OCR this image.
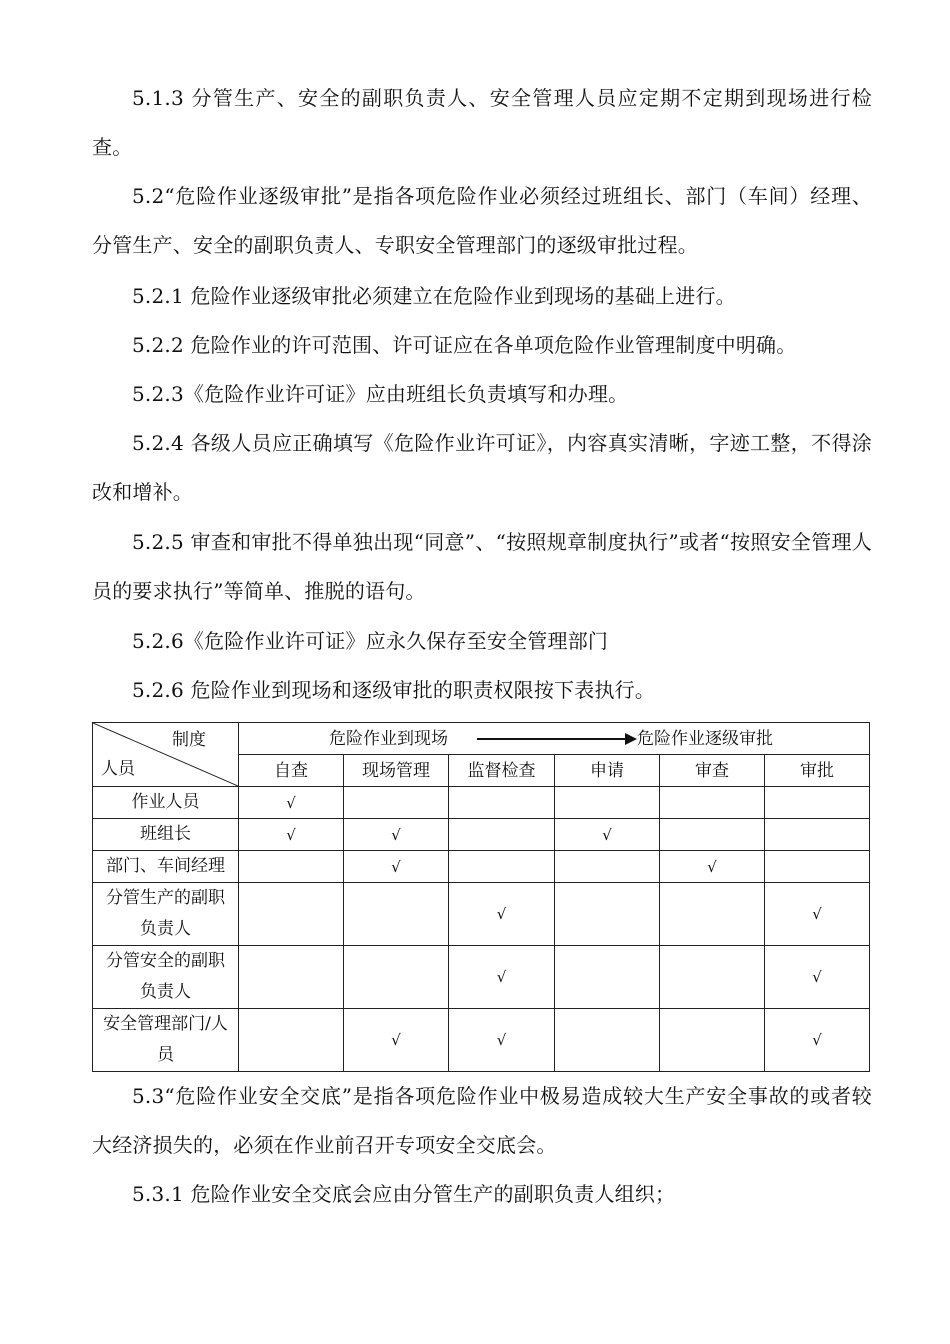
5.1.3 分管生产、安全的副职负责人、安全管理人员应定期不定期到现场进行检查。

5.2“危险作业逐级审批”是指各项危险作业必须经过班组长、部门（车间）经理、分管生产、安全的副职负责人、专职安全管理部门的逐级审批过程。

5.2.1 危险作业逐级审批必须建立在危险作业到现场的基础上进行。

5.2.2 危险作业的许可范围、许可证应在各单项危险作业管理制度中明确。

5.2.3《危险作业许可证》应由班组长负责填写和办理。

5.2.4 各级人员应正确填写《危险作业许可证》，内容真实清晰，字迹工整，不得涂改和增补。

5.2.5 审查和审批不得单独出现“同意”、“按照规章制度执行”或者“按照安全管理人员的要求执行”等简单、推脱的语句。

5.2.6《危险作业许可证》应永久保存至安全管理部门

5.2.6 危险作业到现场和逐级审批的职责权限按下表执行。

制度
人员	危险作业到现场 危险作业逐级审批					

	自查	现场管理	监督检查	申请	审查	审批
作业人员	√					
班组长	√	√		√		
部门、车间经理		√			√	
分管生产的副职负责人			√			√
分管安全的副职负责人			√			√
安全管理部门/人员		√	√			√

5.3“危险作业安全交底”是指各项危险作业中极易造成较大生产安全事故的或者较大经济损失的，必须在作业前召开专项安全交底会。

5.3.1 危险作业安全交底会应由分管生产的副职负责人组织；
